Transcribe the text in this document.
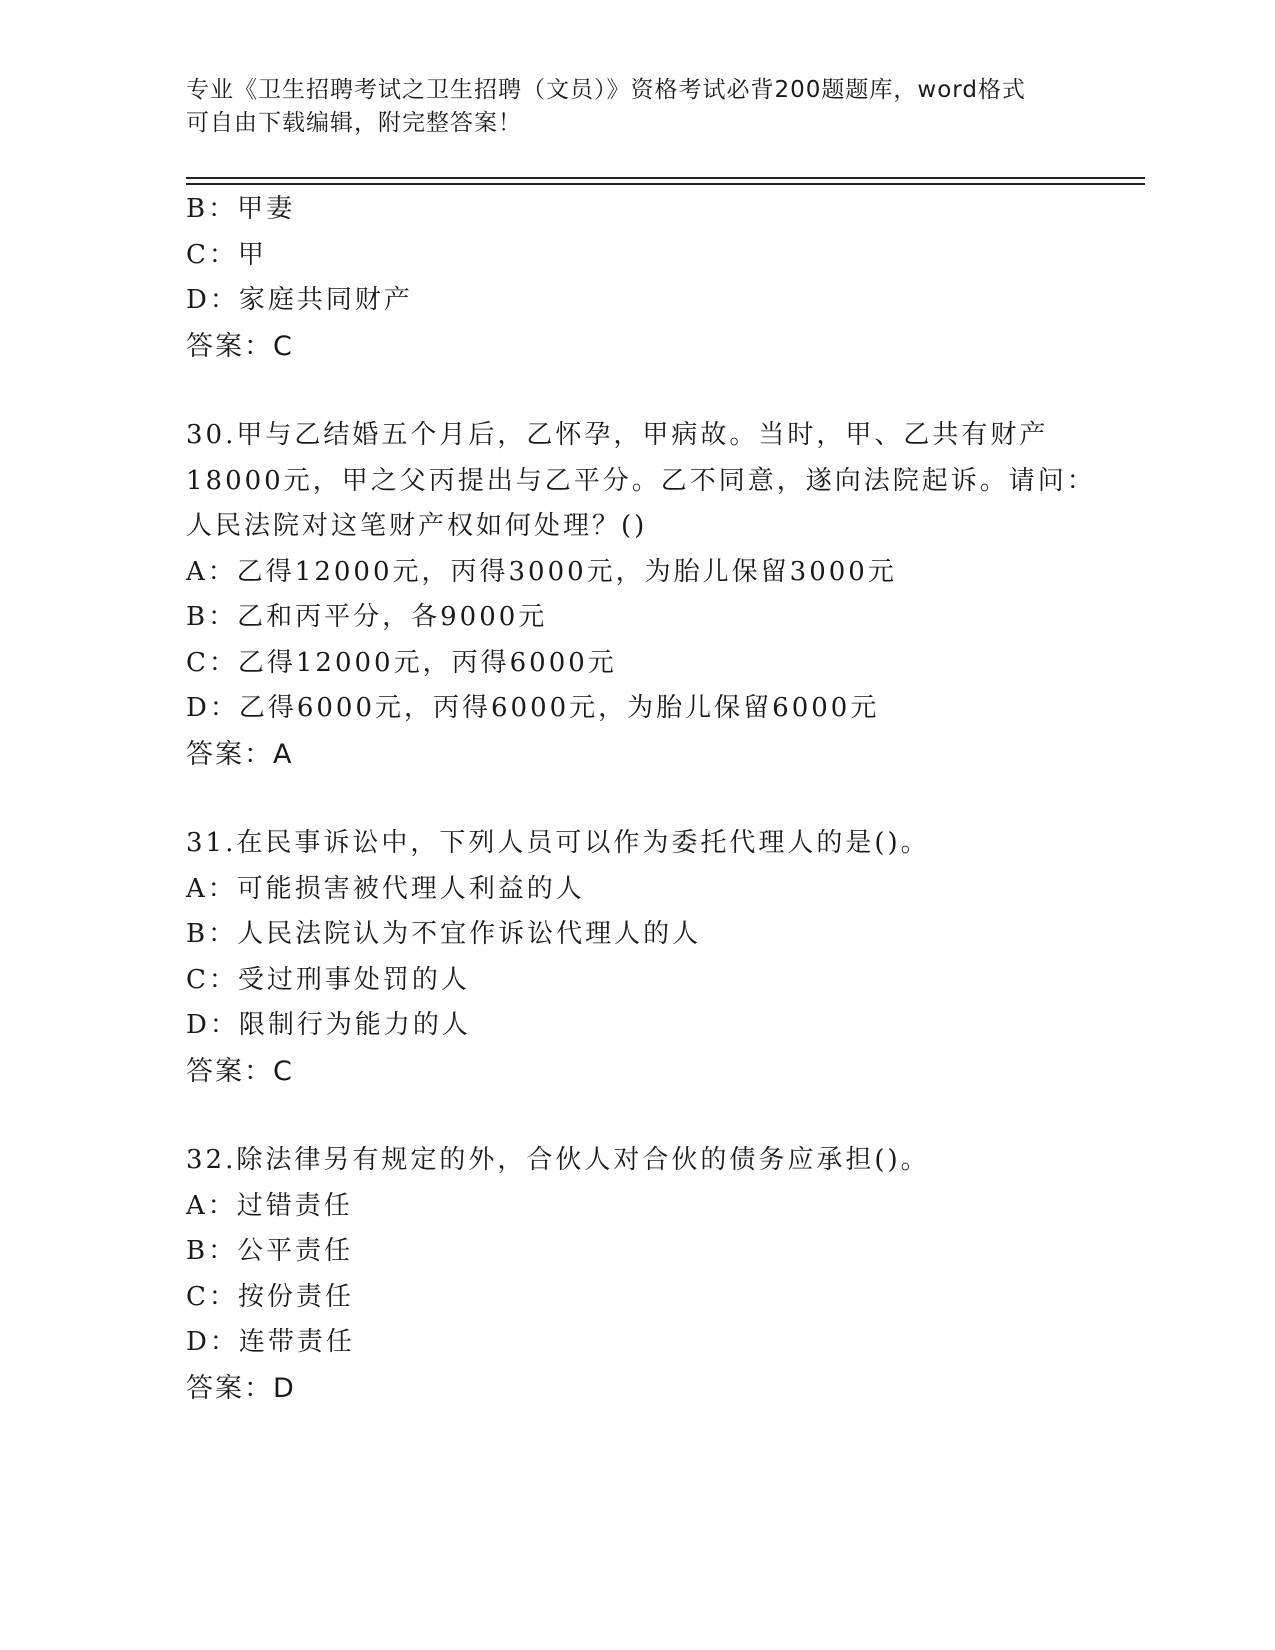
专业《卫生招聘考试之卫生招聘（文员）》资格考试必背200题题库，word格式
可自由下载编辑，附完整答案！
B：甲妻
C：甲
D：家庭共同财产
答案：C
30.甲与乙结婚五个月后，乙怀孕，甲病故。当时，甲、乙共有财产
18000元，甲之父丙提出与乙平分。乙不同意，遂向法院起诉。请问：
人民法院对这笔财产权如何处理？()
A：乙得12000元，丙得3000元，为胎儿保留3000元
B：乙和丙平分，各9000元
C：乙得12000元，丙得6000元
D：乙得6000元，丙得6000元，为胎儿保留6000元
答案：A
31.在民事诉讼中，下列人员可以作为委托代理人的是()。
A：可能损害被代理人利益的人
B：人民法院认为不宜作诉讼代理人的人
C：受过刑事处罚的人
D：限制行为能力的人
答案：C
32.除法律另有规定的外，合伙人对合伙的债务应承担()。
A：过错责任
B：公平责任
C：按份责任
D：连带责任
答案：D
